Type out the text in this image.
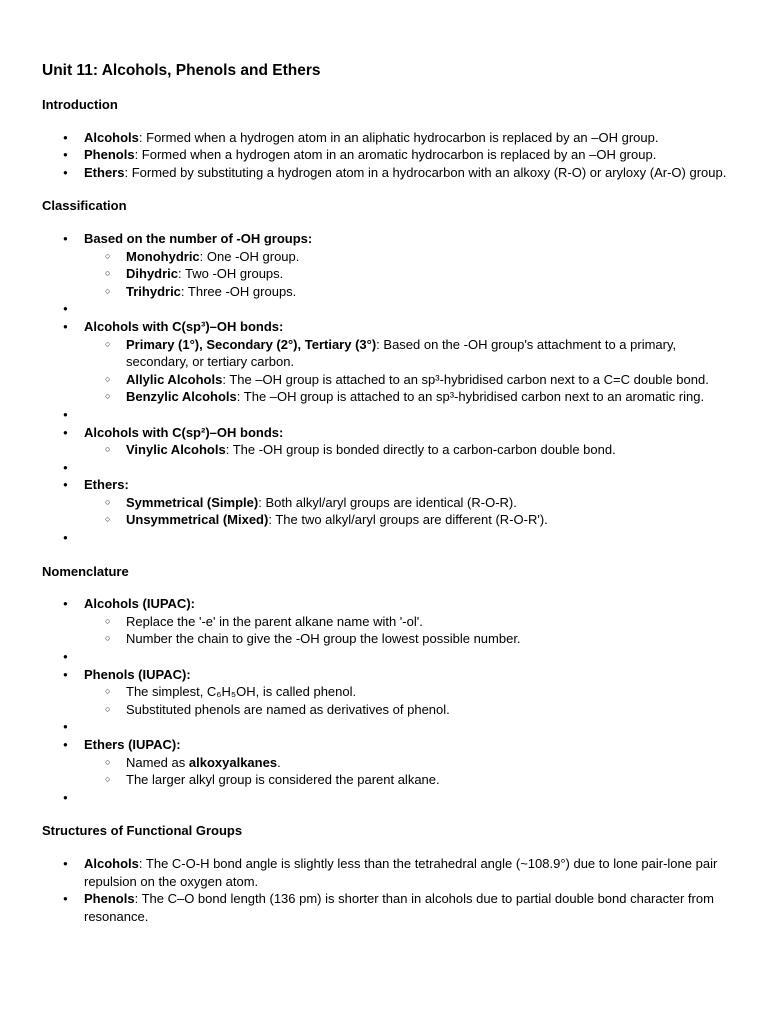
Unit 11: Alcohols, Phenols and Ethers
Introduction
● Alcohols: Formed when a hydrogen atom in an aliphatic hydrocarbon is replaced by an –OH group.
● Phenols: Formed when a hydrogen atom in an aromatic hydrocarbon is replaced by an –OH group.
● Ethers: Formed by substituting a hydrogen atom in a hydrocarbon with an alkoxy (R-O) or aryloxy (Ar-O) group.
Classification
● Based on the number of -OH groups:
○ Monohydric: One -OH group.
○ Dihydric: Two -OH groups.
○ Trihydric: Three -OH groups.
●
● Alcohols with C(sp³)–OH bonds:
○ Primary (1°), Secondary (2°), Tertiary (3°): Based on the -OH group's attachment to a primary, secondary, or tertiary carbon.
○ Allylic Alcohols: The –OH group is attached to an sp³-hybridised carbon next to a C=C double bond.
○ Benzylic Alcohols: The –OH group is attached to an sp³-hybridised carbon next to an aromatic ring.
●
● Alcohols with C(sp²)–OH bonds:
○ Vinylic Alcohols: The -OH group is bonded directly to a carbon-carbon double bond.
●
● Ethers:
○ Symmetrical (Simple): Both alkyl/aryl groups are identical (R-O-R).
○ Unsymmetrical (Mixed): The two alkyl/aryl groups are different (R-O-R').
●
Nomenclature
● Alcohols (IUPAC):
○ Replace the '-e' in the parent alkane name with '-ol'.
○ Number the chain to give the -OH group the lowest possible number.
●
● Phenols (IUPAC):
○ The simplest, C₆H₅OH, is called phenol.
○ Substituted phenols are named as derivatives of phenol.
●
● Ethers (IUPAC):
○ Named as alkoxyalkanes.
○ The larger alkyl group is considered the parent alkane.
●
Structures of Functional Groups
● Alcohols: The C-O-H bond angle is slightly less than the tetrahedral angle (~108.9°) due to lone pair-lone pair repulsion on the oxygen atom.
● Phenols: The C–O bond length (136 pm) is shorter than in alcohols due to partial double bond character from resonance.
